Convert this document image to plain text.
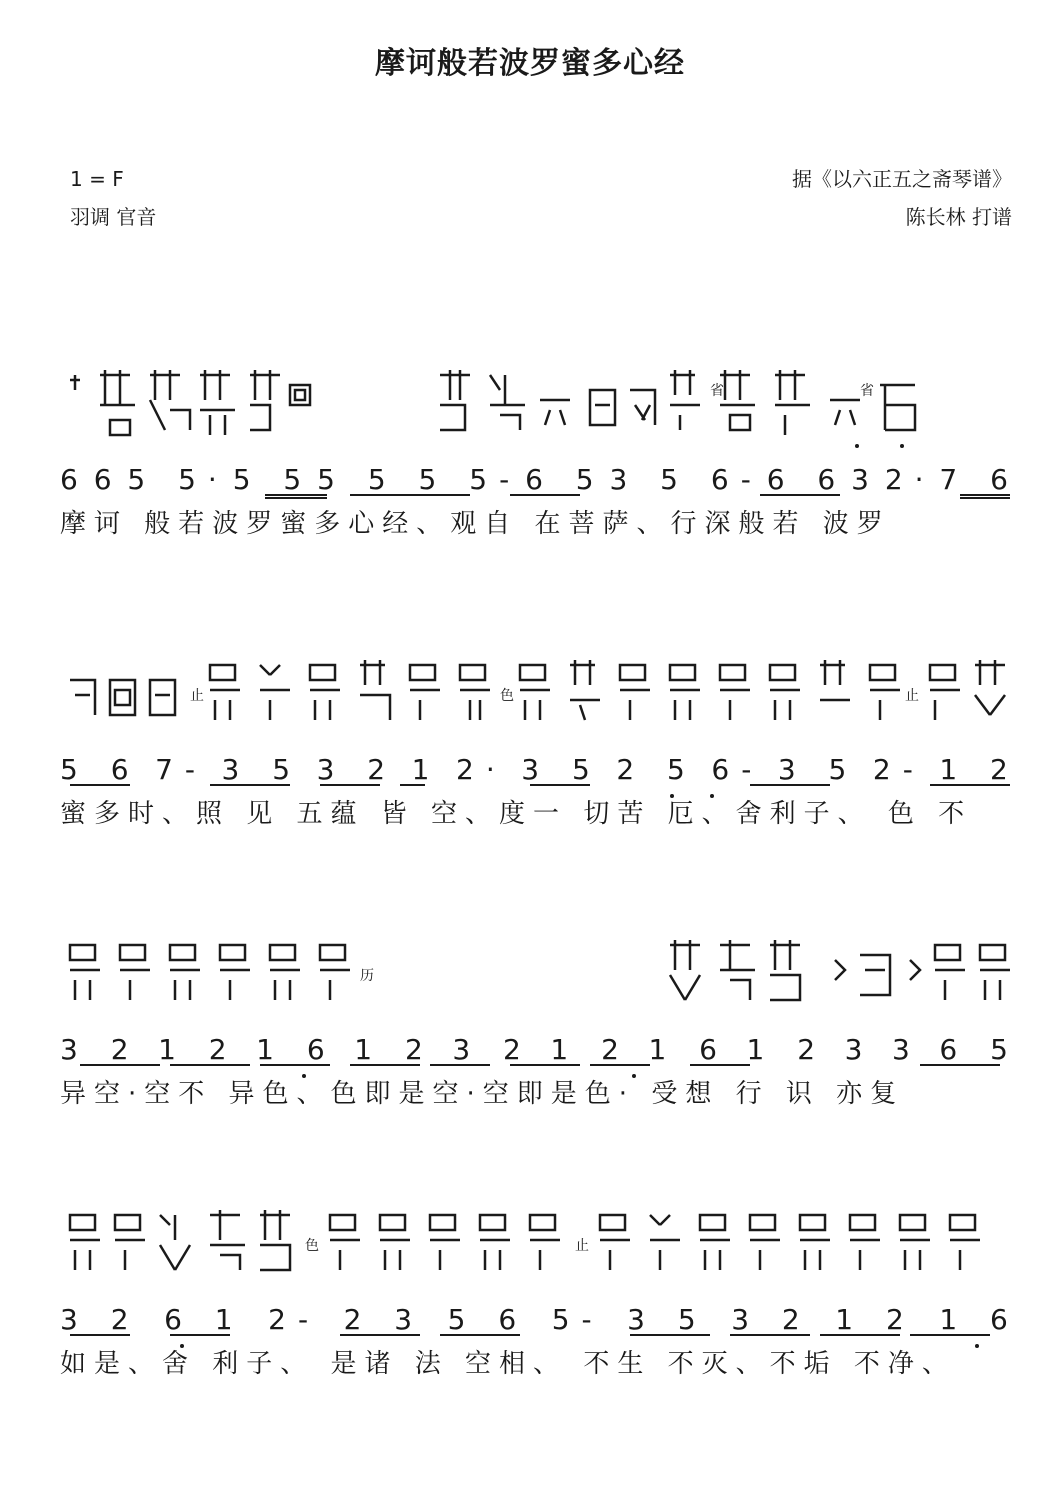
摩诃般若波罗蜜多心经
1 = F
羽调 官音
据《以六正五之斋琴谱》
陈长林 打谱
省	省
6 6 5 5· 5 5 5 5 5 5- 6 5 3 5 6- 6 6 3 2· 7 6
摩诃 般若波罗蜜多心经、观自 在菩萨、行深般若 波罗
止	色	止
5 6 7- 3 5 3 2 1 2· 3 5 2 5 6- 3 5 2- 1 2
蜜多时、照 见 五蕴 皆 空、度一 切苦 厄、舍利子、 色 不
历
3 2 1 2 1 6 1 2 3 2 1 2 1 6 1 2 3 3 6 5
异空·空不 异色、色即是空·空即是色· 受想 行 识 亦复
色	止
3 2 6 1 2- 2 3 5 6 5- 3 5 3 2 1 2 1 6
如是、舍 利子、 是诸 法 空相、 不生 不灭、不垢 不净、
